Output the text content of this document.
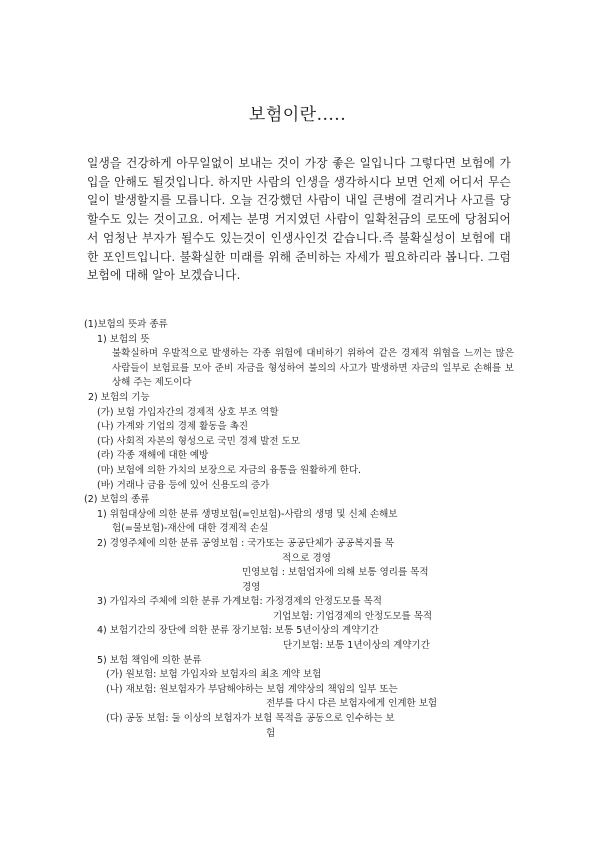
보험이란.....
일생을 건강하게 아무일없이 보내는 것이 가장 좋은 일입니다 그렇다면 보험에 가입을 안해도 될것입니다. 하지만 사람의 인생을 생각하시다 보면 언제 어디서 무슨일이 발생할지를 모릅니다. 오늘 건강했던 사람이 내일 큰병에 걸리거나 사고를 당할수도 있는 것이고요. 어제는 분명 거지였던 사람이 일확천금의 로또에 당첨되어서 엄청난 부자가 될수도 있는것이 인생사인것 같습니다.즉 불확실성이 보험에 대한 포인트입니다. 불확실한 미래를 위해 준비하는 자세가 필요하리라 봅니다. 그럼 보험에 대해 알아 보겠습니다.
(1)보험의 뜻과 종류
1) 보험의 뜻
불확실하며 우발적으로 발생하는 각종 위험에 대비하기 위하여 같은 경제적 위협을 느끼는 많은 사람들이 보험료를 모아 준비 자금을 형성하여 불의의 사고가 발생하면 자금의 일부로 손해를 보상해 주는 제도이다
2) 보험의 기능
(가) 보험 가입자간의 경제적 상호 부조 역할
(나) 가계와 기업의 경제 활동을 촉진
(다) 사회적 자본의 형성으로 국민 경제 발전 도모
(라) 각종 재해에 대한 예방
(마) 보험에 의한 가치의 보장으로 자금의 융통을 원활하게 한다.
(바) 거래나 금융 등에 있어 신용도의 증가
(2) 보험의 종류
1) 위험대상에 의한 분류 생명보험(=인보험)-사람의 생명 및 신체 손해보
험(=물보험)-재산에 대한 경제적 손실
2) 경영주체에 의한 분류 공영보험 : 국가또는 공공단체가 공공복지를 목
적으로 경영
민영보험 : 보험업자에 의해 보통 영리를 목적
경영
3) 가입자의 주체에 의한 분류 가계보험: 가정경제의 안정도모를 목적
기업보험: 기업경제의 안정도모를 목적
4) 보험기간의 장단에 의한 분류 장기보험: 보통 5년이상의 계약기간
단기보험: 보통 1년이상의 계약기간
5) 보험 책임에 의한 분류
(가) 원보험: 보험 가입자와 보험자의 최초 계약 보험
(나) 재보험: 원보험자가 부담해야하는 보험 계약상의 책임의 일부 또는
전부를 다시 다른 보험자에게 인계한 보험
(다) 공동 보험: 둘 이상의 보험자가 보험 목적을 공동으로 인수하는 보
험
